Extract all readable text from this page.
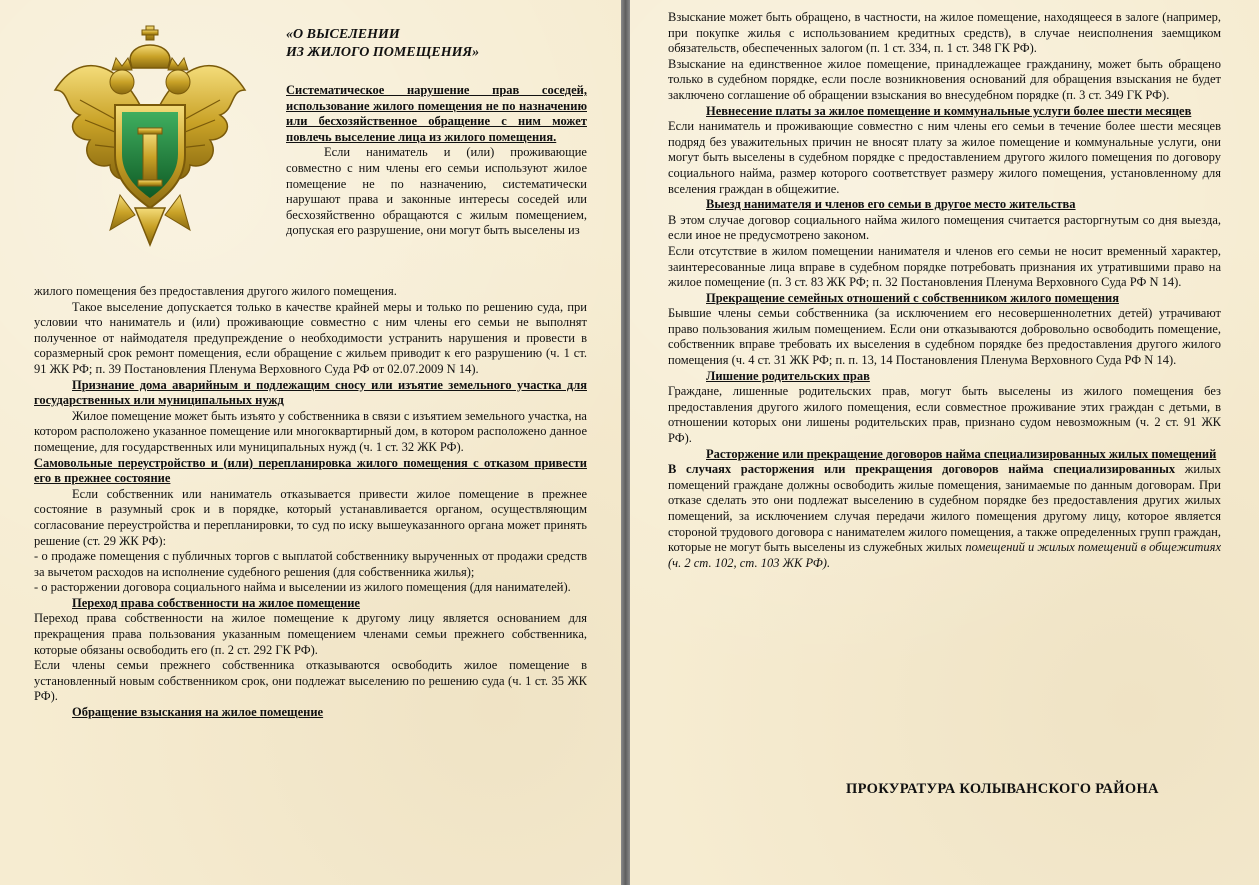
«О ВЫСЕЛЕНИИ
ИЗ ЖИЛОГО ПОМЕЩЕНИЯ»

Систематическое нарушение прав соседей, использование жилого помещения не по назначению или бесхозяйственное обращение с ним может повлечь выселение лица из жилого помещения.

Если наниматель и (или) проживающие совместно с ним члены его семьи используют жилое помещение не по назначению, систематически нарушают права и законные интересы соседей или бесхозяйственно обращаются с жилым помещением, допуская его разрушение, они могут быть выселены из

жилого помещения без предоставления другого жилого помещения.

Такое выселение допускается только в качестве крайней меры и только по решению суда, при условии что наниматель и (или) проживающие совместно с ним члены его семьи не выполнят полученное от наймодателя предупреждение о необходимости устранить нарушения и провести в соразмерный срок ремонт помещения, если обращение с жильем приводит к его разрушению (ч. 1 ст. 91 ЖК РФ; п. 39 Постановления Пленума Верховного Суда РФ от 02.07.2009 N 14).

Признание дома аварийным и подлежащим сносу или изъятие земельного участка для государственных или муниципальных нужд

Жилое помещение может быть изъято у собственника в связи с изъятием земельного участка, на котором расположено указанное помещение или многоквартирный дом, в котором расположено данное помещение, для государственных или муниципальных нужд (ч. 1 ст. 32 ЖК РФ).

Самовольные переустройство и (или) перепланировка жилого помещения с отказом привести его в прежнее состояние

Если собственник или наниматель отказывается привести жилое помещение в прежнее состояние в разумный срок и в порядке, который устанавливается органом, осуществляющим согласование переустройства и перепланировки, то суд по иску вышеуказанного органа может принять решение (ст. 29 ЖК РФ):

- о продаже помещения с публичных торгов с выплатой собственнику вырученных от продажи средств за вычетом расходов на исполнение судебного решения (для собственника жилья);

- о расторжении договора социального найма и выселении из жилого помещения (для нанимателей).

Переход права собственности на жилое помещение

Переход права собственности на жилое помещение к другому лицу является основанием для прекращения права пользования указанным помещением членами семьи прежнего собственника, которые обязаны освободить его (п. 2 ст. 292 ГК РФ).

Если члены семьи прежнего собственника отказываются освободить жилое помещение в установленный новым собственником срок, они подлежат выселению по решению суда (ч. 1 ст. 35 ЖК РФ).

Обращение взыскания на жилое помещение

Взыскание может быть обращено, в частности, на жилое помещение, находящееся в залоге (например, при покупке жилья с использованием кредитных средств), в случае неисполнения заемщиком обязательств, обеспеченных залогом (п. 1 ст. 334, п. 1 ст. 348 ГК РФ).

Взыскание на единственное жилое помещение, принадлежащее гражданину, может быть обращено только в судебном порядке, если после возникновения оснований для обращения взыскания не будет заключено соглашение об обращении взыскания во внесудебном порядке (п. 3 ст. 349 ГК РФ).

Невнесение платы за жилое помещение и коммунальные услуги более шести месяцев

Если наниматель и проживающие совместно с ним члены его семьи в течение более шести месяцев подряд без уважительных причин не вносят плату за жилое помещение и коммунальные услуги, они могут быть выселены в судебном порядке с предоставлением другого жилого помещения по договору социального найма, размер которого соответствует размеру жилого помещения, установленному для вселения граждан в общежитие.

Выезд нанимателя и членов его семьи в другое место жительства

В этом случае договор социального найма жилого помещения считается расторгнутым со дня выезда, если иное не предусмотрено законом.

Если отсутствие в жилом помещении нанимателя и членов его семьи не носит временный характер, заинтересованные лица вправе в судебном порядке потребовать признания их утратившими право на жилое помещение (п. 3 ст. 83 ЖК РФ; п. 32 Постановления Пленума Верховного Суда РФ N 14).

Прекращение семейных отношений с собственником жилого помещения

Бывшие члены семьи собственника (за исключением его несовершеннолетних детей) утрачивают право пользования жилым помещением. Если они отказываются добровольно освободить помещение, собственник вправе требовать их выселения в судебном порядке без предоставления другого жилого помещения (ч. 4 ст. 31 ЖК РФ; п. п. 13, 14 Постановления Пленума Верховного Суда РФ N 14).

Лишение родительских прав

Граждане, лишенные родительских прав, могут быть выселены из жилого помещения без предоставления другого жилого помещения, если совместное проживание этих граждан с детьми, в отношении которых они лишены родительских прав, признано судом невозможным (ч. 2 ст. 91 ЖК РФ).

Расторжение или прекращение договоров найма специализированных жилых помещений

В случаях расторжения или прекращения договоров найма специализированных жилых помещений граждане должны освободить жилые помещения, занимаемые по данным договорам. При отказе сделать это они подлежат выселению в судебном порядке без предоставления других жилых помещений, за исключением случая передачи жилого помещения другому лицу, которое является стороной трудового договора с нанимателем жилого помещения, а также определенных групп граждан, которые не могут быть выселены из служебных жилых помещений и жилых помещений в общежитиях (ч. 2 ст. 102, ст. 103 ЖК РФ).

ПРОКУРАТУРА КОЛЫВАНСКОГО РАЙОНА
